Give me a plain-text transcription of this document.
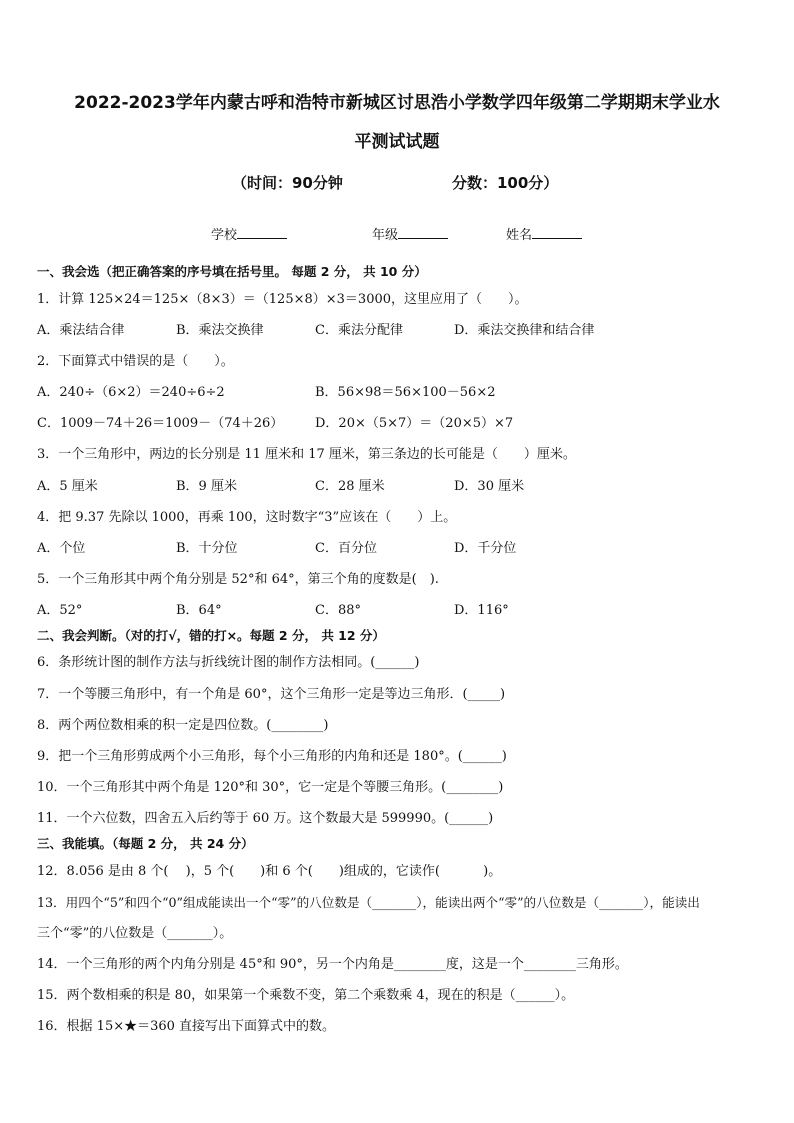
2022-2023学年内蒙古呼和浩特市新城区讨思浩小学数学四年级第二学期期末学业水
平测试试题
（时间：90分钟	分数：100分）
学校	年级	姓名
一、我会选（把正确答案的序号填在括号里。 每题 2 分， 共 10 分）
1．计算 125×24＝125×（8×3）＝（125×8）×3＝3000，这里应用了（　　）。
A．乘法结合律	B．乘法交换律	C．乘法分配律	D．乘法交换律和结合律
2．下面算式中错误的是（　　）。
A．240÷（6×2）＝240÷6÷2	B．56×98＝56×100－56×2
C．1009－74＋26＝1009－（74＋26） D．20×（5×7）＝（20×5）×7
3．一个三角形中，两边的长分别是 11 厘米和 17 厘米，第三条边的长可能是（　　）厘米。
A．5 厘米	B．9 厘米	C．28 厘米	D．30 厘米
4．把 9.37 先除以 1000，再乘 100，这时数字“3”应该在（　　）上。
A．个位	B．十分位	C．百分位	D．千分位
5．一个三角形其中两个角分别是 52°和 64°，第三个角的度数是(　).
A．52°	B．64°	C．88°	D．116°
二、我会判断。（对的打√，错的打×。每题 2 分， 共 12 分）
6．条形统计图的制作方法与折线统计图的制作方法相同。(______)
7．一个等腰三角形中，有一个角是 60°，这个三角形一定是等边三角形．(_____)
8．两个两位数相乘的积一定是四位数。(________)
9．把一个三角形剪成两个小三角形，每个小三角形的内角和还是 180°。(______)
10．一个三角形其中两个角是 120°和 30°，它一定是个等腰三角形。(________)
11．一个六位数，四舍五入后约等于 60 万。这个数最大是 599990。(______)
三、我能填。（每题 2 分， 共 24 分）
12．8.056 是由 8 个(　 )，5 个(　　)和 6 个(　　)组成的，它读作(　　　 )。
13．用四个“5”和四个“0”组成能读出一个“零”的八位数是（_______），能读出两个“零”的八位数是（_______），能读出
三个“零”的八位数是（_______）。
14．一个三角形的两个内角分别是 45°和 90°，另一个内角是________度，这是一个________三角形。
15．两个数相乘的积是 80，如果第一个乘数不变，第二个乘数乘 4，现在的积是（______）。
16．根据 15×★＝360 直接写出下面算式中的数。
